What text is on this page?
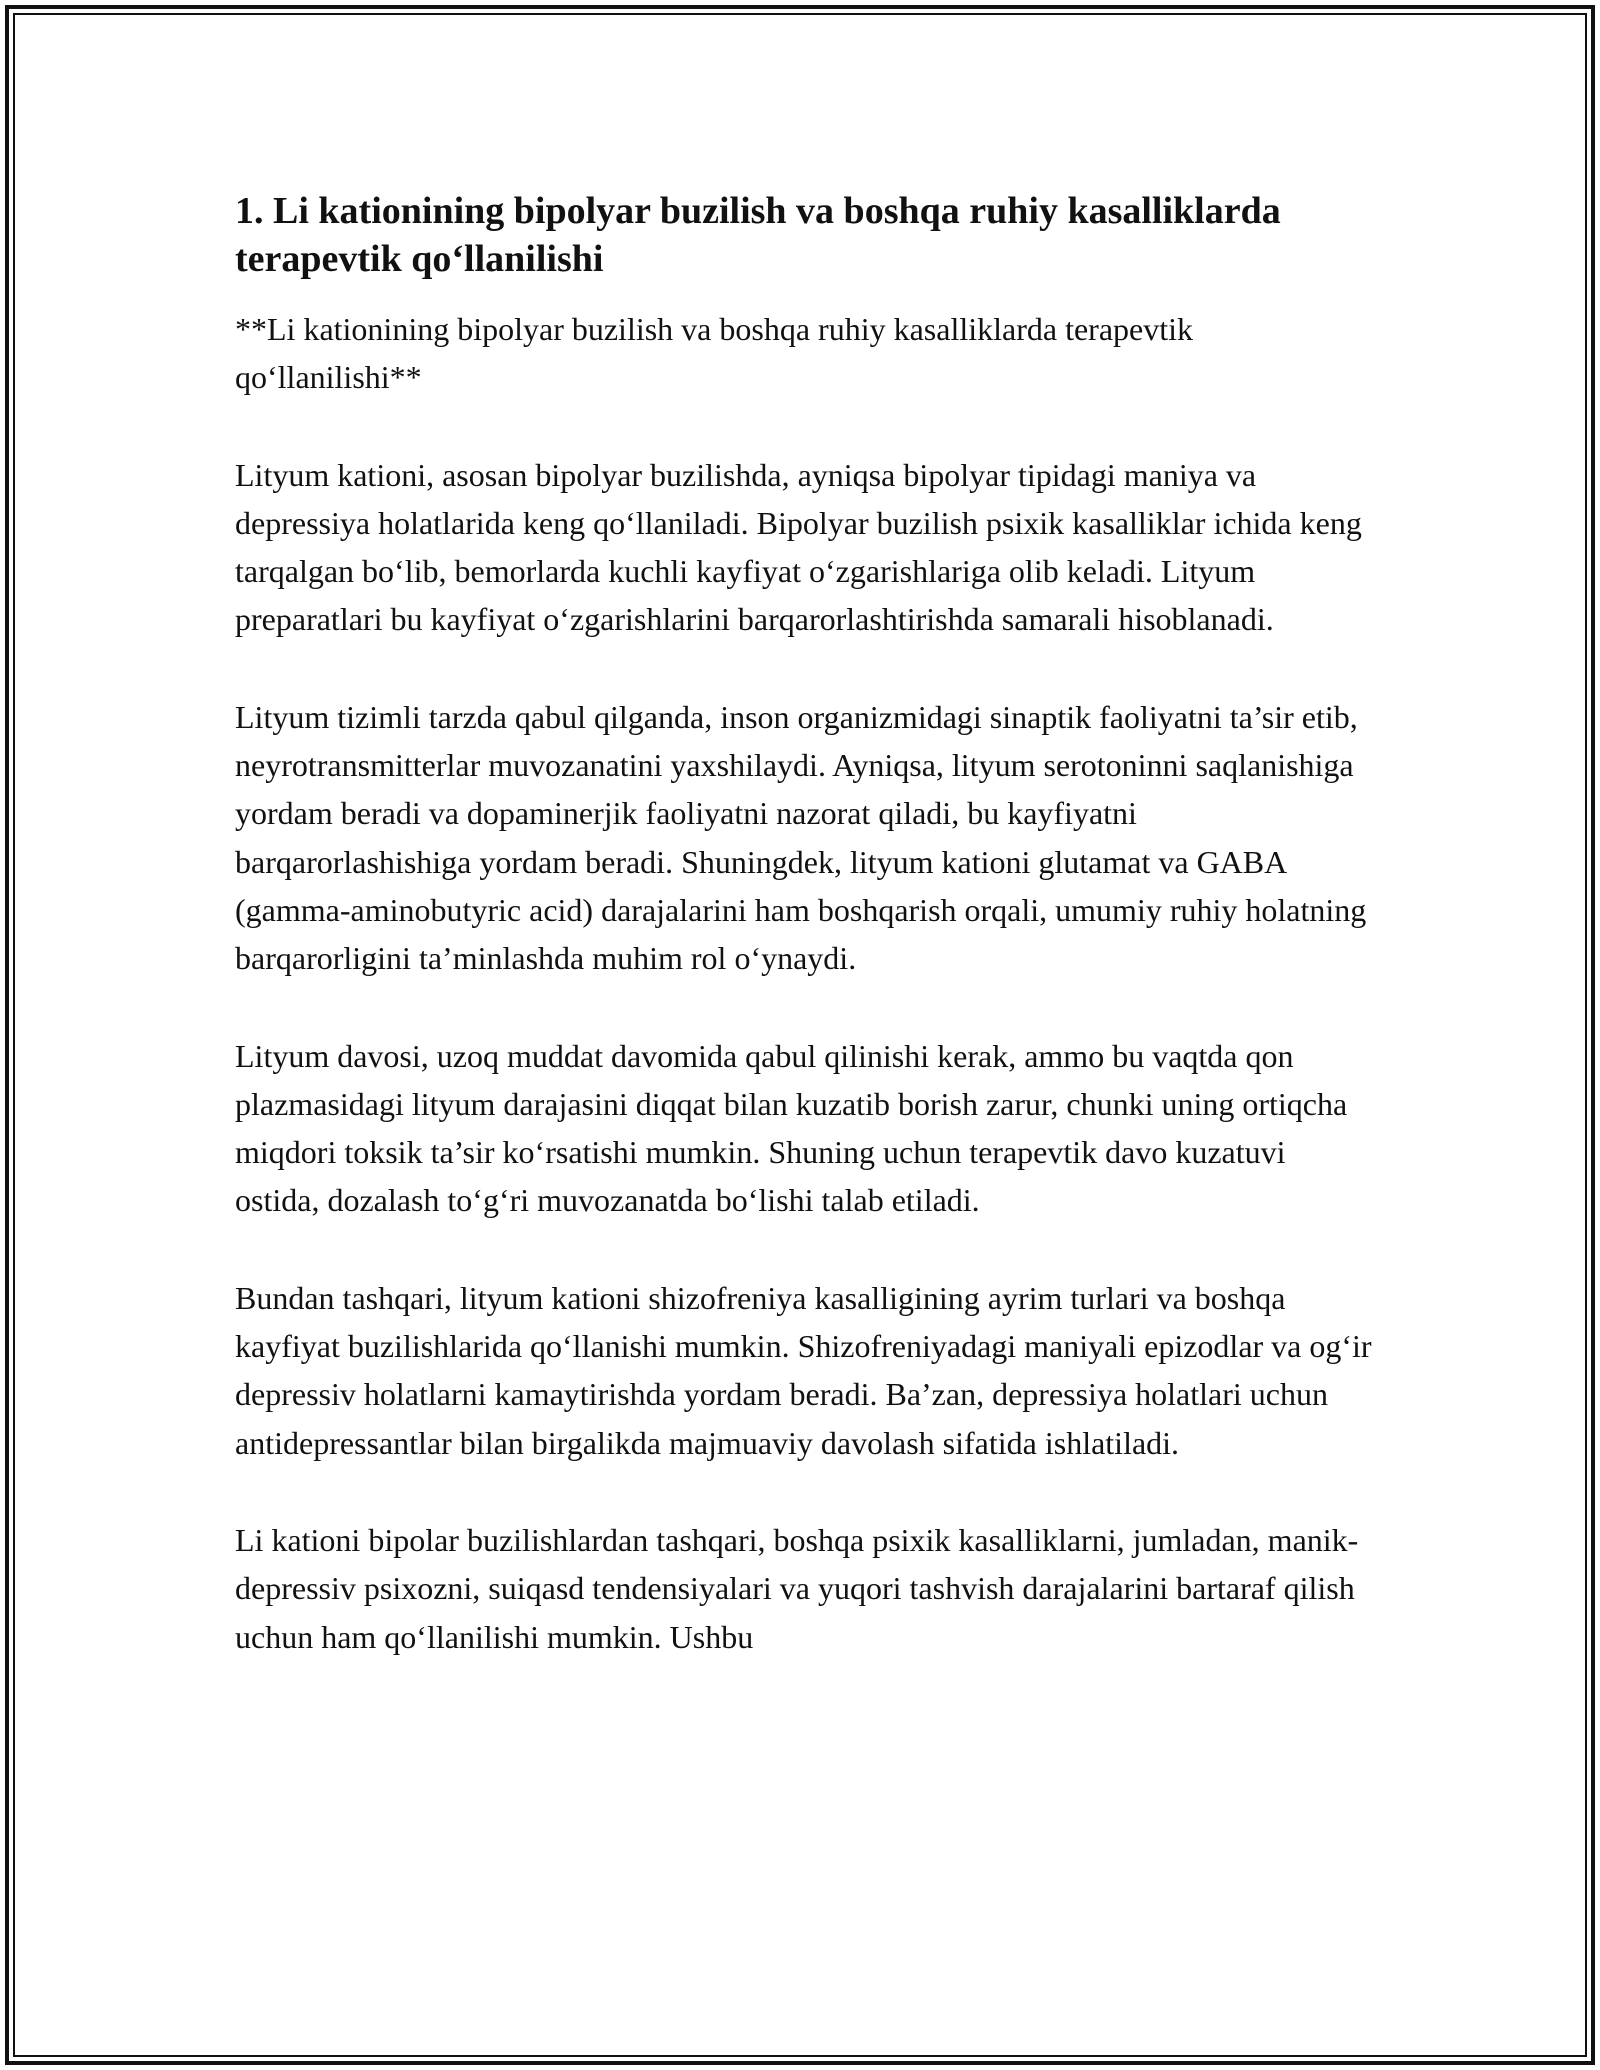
1. Li kationining bipolyar buzilish va boshqa ruhiy kasalliklarda terapevtik qo‘llanilishi

**Li kationining bipolyar buzilish va boshqa ruhiy kasalliklarda terapevtik qo‘llanilishi**

Lityum kationi, asosan bipolyar buzilishda, ayniqsa bipolyar tipidagi maniya va depressiya holatlarida keng qo‘llaniladi. Bipolyar buzilish psixik kasalliklar ichida keng tarqalgan bo‘lib, bemorlarda kuchli kayfiyat o‘zgarishlariga olib keladi. Lityum preparatlari bu kayfiyat o‘zgarishlarini barqarorlashtirishda samarali hisoblanadi.

Lityum tizimli tarzda qabul qilganda, inson organizmidagi sinaptik faoliyatni ta’sir etib, neyrotransmitterlar muvozanatini yaxshilaydi. Ayniqsa, lityum serotoninni saqlanishiga yordam beradi va dopaminerjik faoliyatni nazorat qiladi, bu kayfiyatni barqarorlashishiga yordam beradi. Shuningdek, lityum kationi glutamat va GABA (gamma-aminobutyric acid) darajalarini ham boshqarish orqali, umumiy ruhiy holatning barqarorligini ta’minlashda muhim rol o‘ynaydi.

Lityum davosi, uzoq muddat davomida qabul qilinishi kerak, ammo bu vaqtda qon plazmasidagi lityum darajasini diqqat bilan kuzatib borish zarur, chunki uning ortiqcha miqdori toksik ta’sir ko‘rsatishi mumkin. Shuning uchun terapevtik davo kuzatuvi ostida, dozalash to‘g‘ri muvozanatda bo‘lishi talab etiladi.

Bundan tashqari, lityum kationi shizofreniya kasalligining ayrim turlari va boshqa kayfiyat buzilishlarida qo‘llanishi mumkin. Shizofreniyadagi maniyali epizodlar va og‘ir depressiv holatlarni kamaytirishda yordam beradi. Ba’zan, depressiya holatlari uchun antidepressantlar bilan birgalikda majmuaviy davolash sifatida ishlatiladi.

Li kationi bipolar buzilishlardan tashqari, boshqa psixik kasalliklarni, jumladan, manik-depressiv psixozni, suiqasd tendensiyalari va yuqori tashvish darajalarini bartaraf qilish uchun ham qo‘llanilishi mumkin. Ushbu
